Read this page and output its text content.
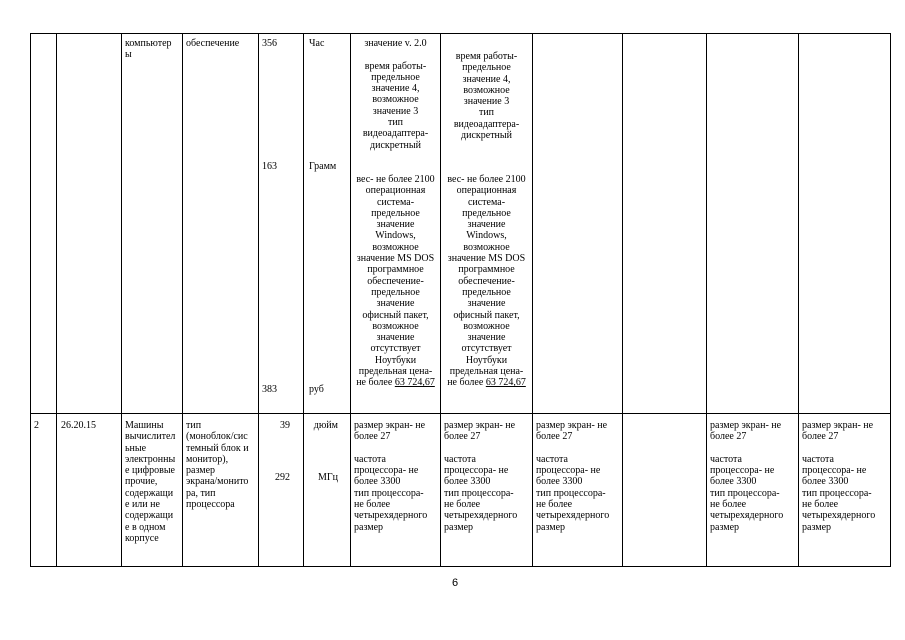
компьютер
ы
обеспечение 356
163
383
Час
Грамм
руб
значение v. 2.0

время работы-
предельное
значение 4,
возможное
значение 3
тип
видеоадаптера-
дискретный
вес- не более 2100
операционная
система-
предельное
значение
Windows,
возможное
значение MS DOS
программное
обеспечение-
предельное
значение
офисный пакет,
возможное
значение
отсутствует
Ноутбуки
предельная цена-
не более 63 724,67
время работы-
предельное
значение 4,
возможное
значение 3
тип
видеоадаптера-
дискретный
вес- не более 2100
операционная
система-
предельное
значение
Windows,
возможное
значение MS DOS
программное
обеспечение-
предельное
значение
офисный пакет,
возможное
значение
отсутствует
Ноутбуки
предельная цена-
не более 63 724,67
2 26.20.15	Машины
вычислител
ьные
электронны
е цифровые
прочие,
содержащи
е или не
содержащи
е в одном
корпусе
тип
(моноблок/сис
темный блок и
монитор),
размер
экрана/монито
ра, тип
процессора
39
292
дюйм
МГц
размер экран- не
более 27

частота
процессора- не
более 3300
тип процессора-
не более
четырехядерного
размер
размер экран- не
более 27

частота
процессора- не
более 3300
тип процессора-
не более
четырехядерного
размер
размер экран- не
более 27

частота
процессора- не
более 3300
тип процессора-
не более
четырехядерного
размер
размер экран- не
более 27

частота
процессора- не
более 3300
тип процессора-
не более
четырехядерного
размер
размер экран- не
более 27

частота
процессора- не
более 3300
тип процессора-
не более
четырехядерного
размер
6
